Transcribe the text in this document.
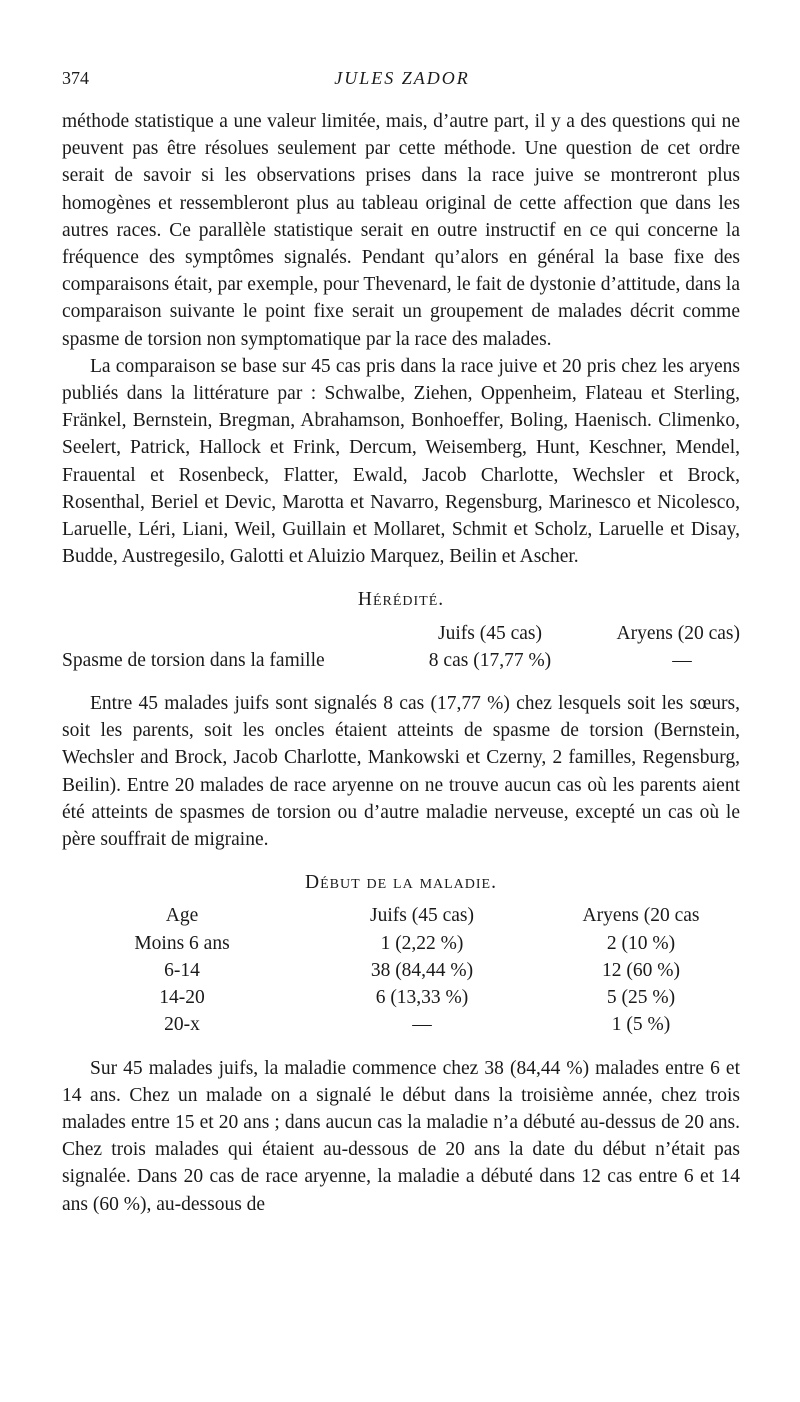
374	JULES ZADOR

méthode statistique a une valeur limitée, mais, d’autre part, il y a des questions qui ne peuvent pas être résolues seulement par cette méthode. Une question de cet ordre serait de savoir si les observations prises dans la race juive se montreront plus homogènes et ressembleront plus au tableau original de cette affection que dans les autres races. Ce parallèle statistique serait en outre instructif en ce qui concerne la fréquence des symptômes signalés. Pendant qu’alors en général la base fixe des comparaisons était, par exemple, pour Thevenard, le fait de dystonie d’attitude, dans la comparaison suivante le point fixe serait un groupement de malades décrit comme spasme de torsion non symptomatique par la race des malades.

La comparaison se base sur 45 cas pris dans la race juive et 20 pris chez les aryens publiés dans la littérature par : Schwalbe, Ziehen, Oppenheim, Flateau et Sterling, Fränkel, Bernstein, Bregman, Abrahamson, Bonhoeffer, Boling, Haenisch. Climenko, Seelert, Patrick, Hallock et Frink, Dercum, Weisemberg, Hunt, Keschner, Mendel, Frauental et Rosenbeck, Flatter, Ewald, Jacob Charlotte, Wechsler et Brock, Rosenthal, Beriel et Devic, Marotta et Navarro, Regensburg, Marinesco et Nicolesco, Laruelle, Léri, Liani, Weil, Guillain et Mollaret, Schmit et Scholz, Laruelle et Disay, Budde, Austregesilo, Galotti et Aluizio Marquez, Beilin et Ascher.

Hérédité.
	Juifs (45 cas)	Aryens (20 cas)
Spasme de torsion dans la famille	8 cas (17,77 %)	—

Entre 45 malades juifs sont signalés 8 cas (17,77 %) chez lesquels soit les sœurs, soit les parents, soit les oncles étaient atteints de spasme de torsion (Bernstein, Wechsler and Brock, Jacob Charlotte, Mankowski et Czerny, 2 familles, Regensburg, Beilin). Entre 20 malades de race aryenne on ne trouve aucun cas où les parents aient été atteints de spasmes de torsion ou d’autre maladie nerveuse, excepté un cas où le père souffrait de migraine.

Début de la maladie.
Age	Juifs (45 cas)	Aryens (20 cas
Moins 6 ans	1 (2,22 %)	2 (10 %)
6-14	38 (84,44 %)	12 (60 %)
14-20	6 (13,33 %)	5 (25 %)
20-x	—	1 (5 %)

Sur 45 malades juifs, la maladie commence chez 38 (84,44 %) malades entre 6 et 14 ans. Chez un malade on a signalé le début dans la troisième année, chez trois malades entre 15 et 20 ans ; dans aucun cas la maladie n’a débuté au-dessus de 20 ans. Chez trois malades qui étaient au-dessous de 20 ans la date du début n’était pas signalée. Dans 20 cas de race aryenne, la maladie a débuté dans 12 cas entre 6 et 14 ans (60 %), au-dessous de
